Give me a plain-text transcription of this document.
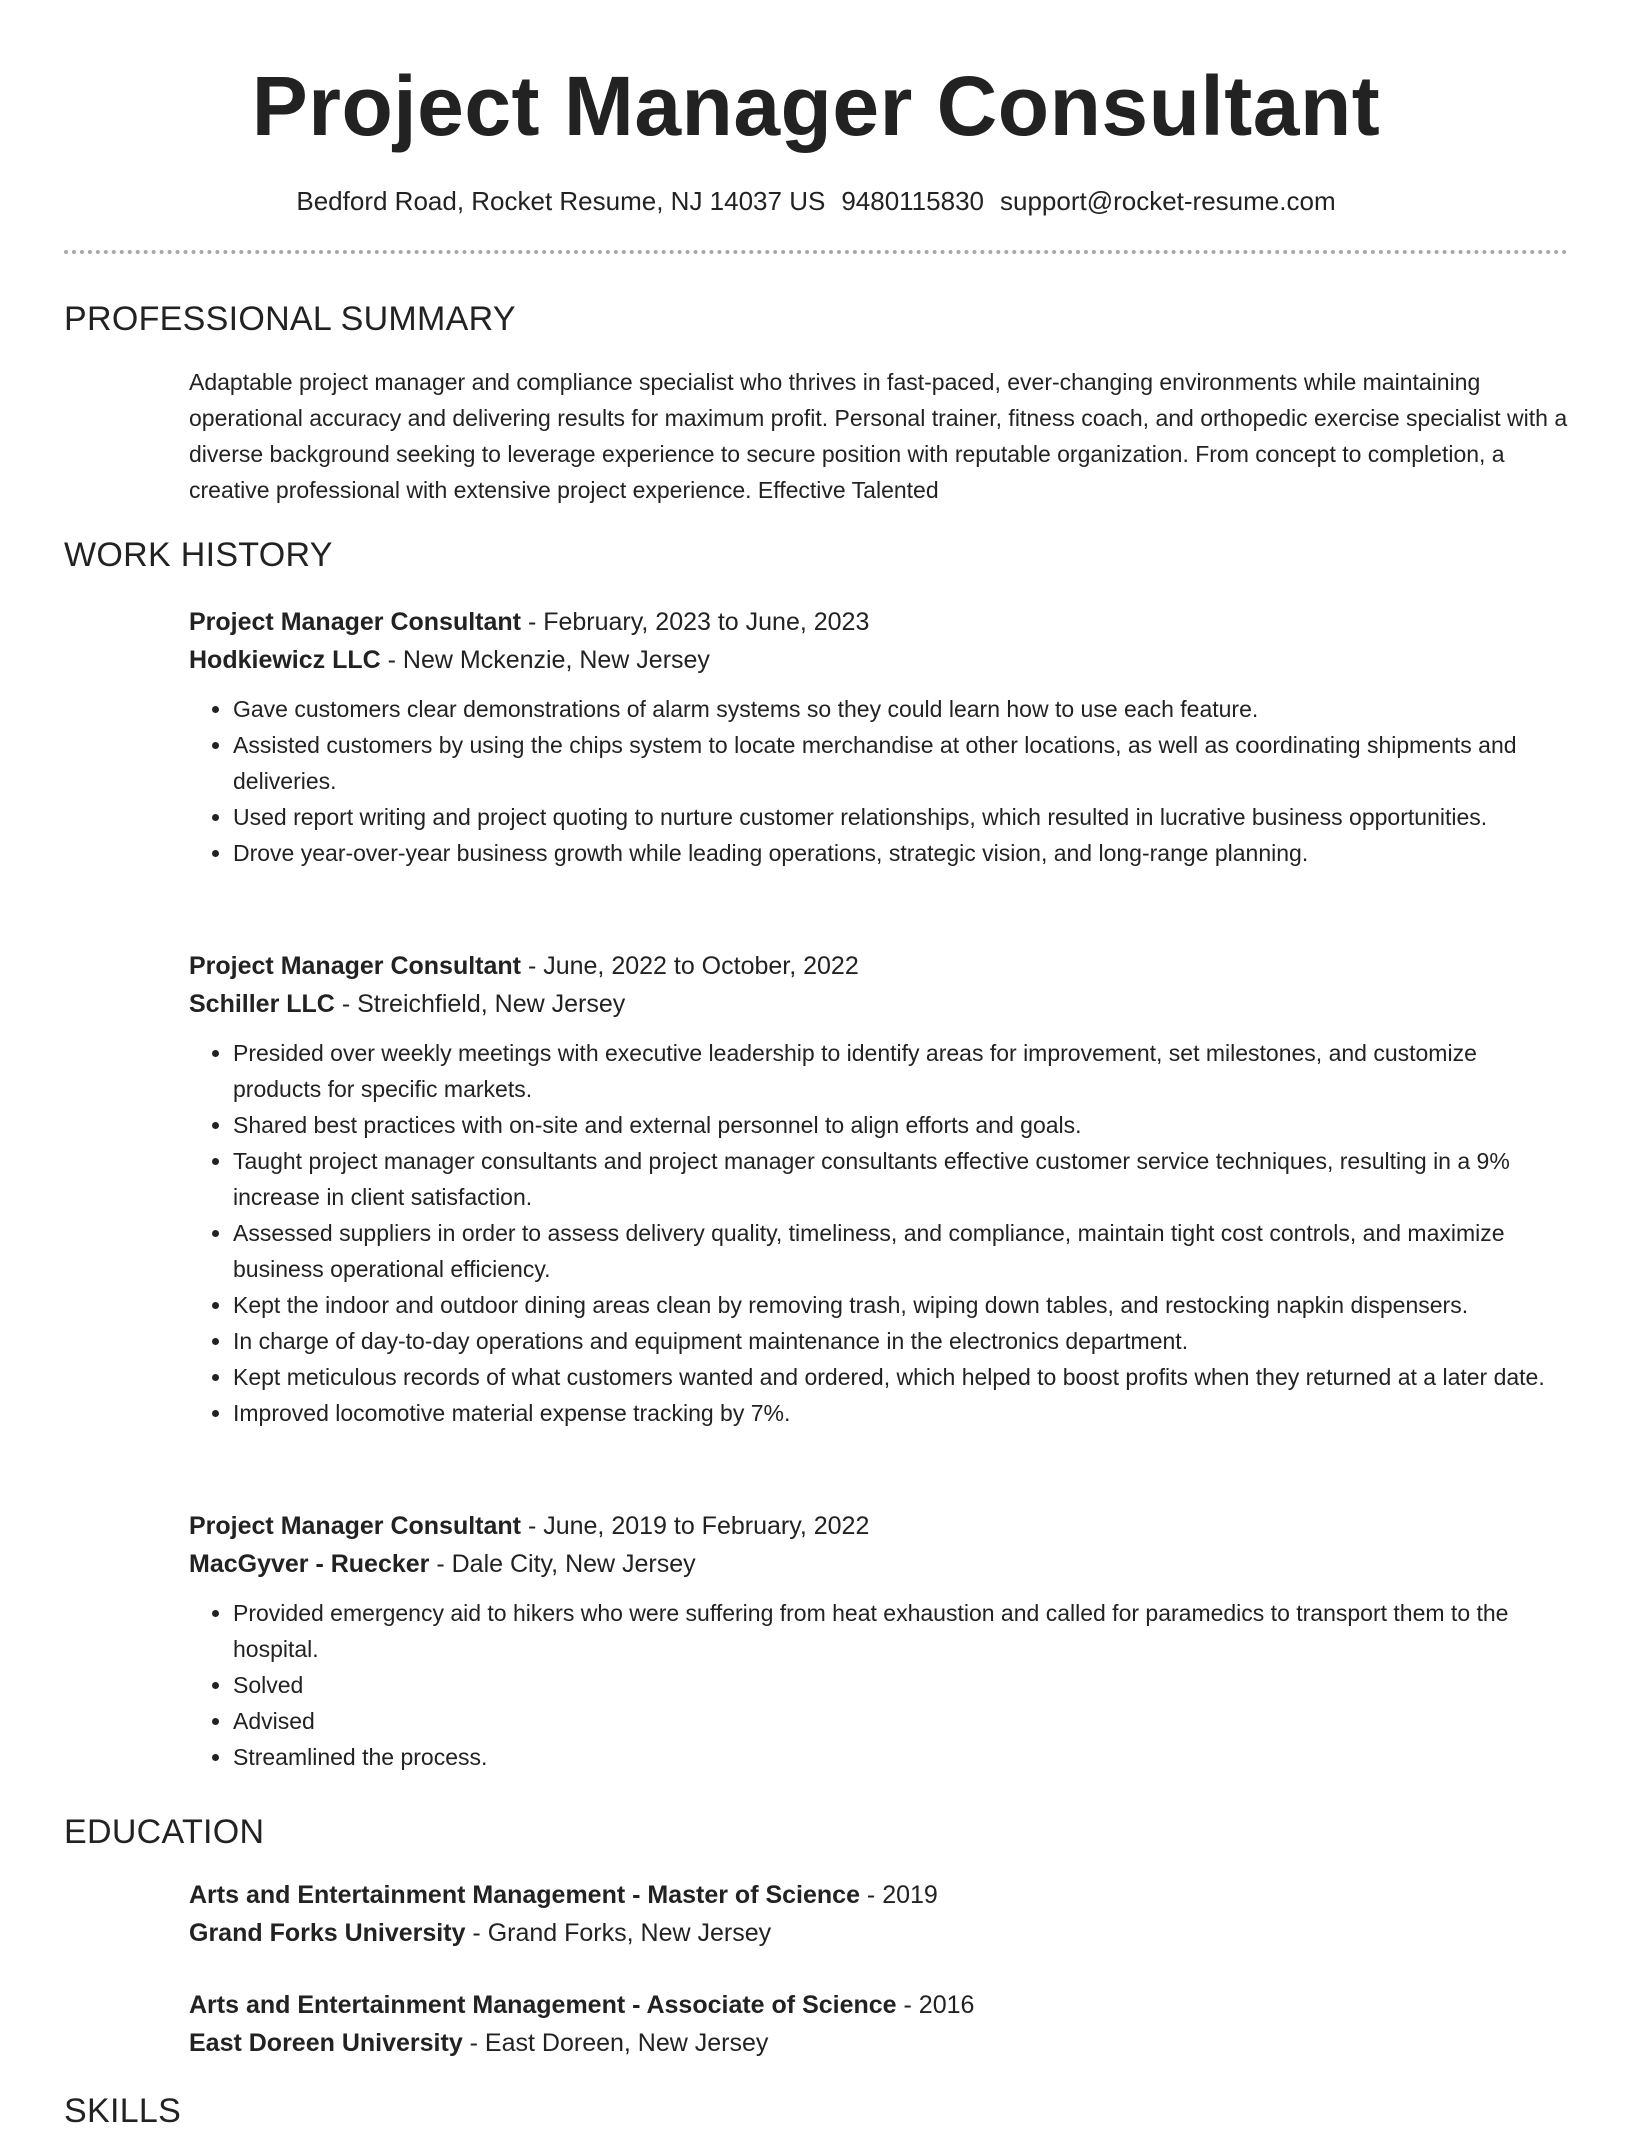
Project Manager Consultant
Bedford Road, Rocket Resume, NJ 14037 US 9480115830 support@rocket-resume.com
PROFESSIONAL SUMMARY

Adaptable project manager and compliance specialist who thrives in fast-paced, ever-changing environments while maintaining operational accuracy and delivering results for maximum profit. Personal trainer, fitness coach, and orthopedic exercise specialist with a diverse background seeking to leverage experience to secure position with reputable organization. From concept to completion, a creative professional with extensive project experience. Effective Talented

WORK HISTORY
Project Manager Consultant - February, 2023 to June, 2023
Hodkiewicz LLC - New Mckenzie, New Jersey
• Gave customers clear demonstrations of alarm systems so they could learn how to use each feature.
• Assisted customers by using the chips system to locate merchandise at other locations, as well as coordinating shipments and deliveries.
• Used report writing and project quoting to nurture customer relationships, which resulted in lucrative business opportunities.
• Drove year-over-year business growth while leading operations, strategic vision, and long-range planning.
Project Manager Consultant - June, 2022 to October, 2022
Schiller LLC - Streichfield, New Jersey
• Presided over weekly meetings with executive leadership to identify areas for improvement, set milestones, and customize products for specific markets.
• Shared best practices with on-site and external personnel to align efforts and goals.
• Taught project manager consultants and project manager consultants effective customer service techniques, resulting in a 9% increase in client satisfaction.
• Assessed suppliers in order to assess delivery quality, timeliness, and compliance, maintain tight cost controls, and maximize business operational efficiency.
• Kept the indoor and outdoor dining areas clean by removing trash, wiping down tables, and restocking napkin dispensers.
• In charge of day-to-day operations and equipment maintenance in the electronics department.
• Kept meticulous records of what customers wanted and ordered, which helped to boost profits when they returned at a later date.
• Improved locomotive material expense tracking by 7%.
Project Manager Consultant - June, 2019 to February, 2022
MacGyver - Ruecker - Dale City, New Jersey
• Provided emergency aid to hikers who were suffering from heat exhaustion and called for paramedics to transport them to the hospital.
• Solved
• Advised
• Streamlined the process.
EDUCATION
Arts and Entertainment Management - Master of Science - 2019
Grand Forks University - Grand Forks, New Jersey
Arts and Entertainment Management - Associate of Science - 2016
East Doreen University - East Doreen, New Jersey
SKILLS
